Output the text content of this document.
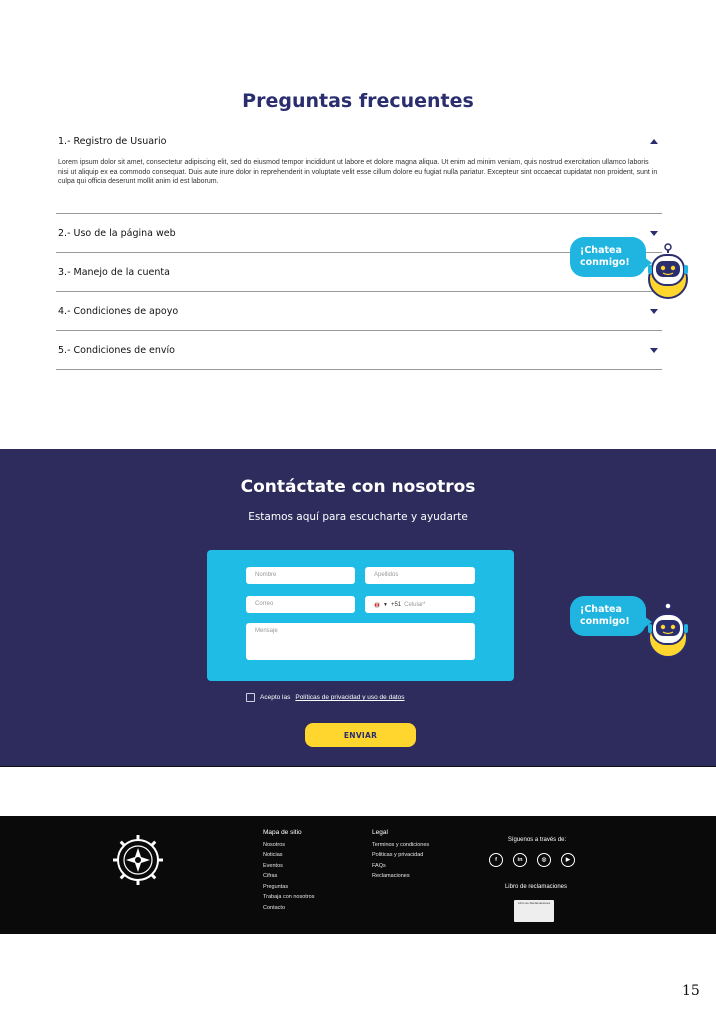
Preguntas frecuentes
1.- Registro de Usuario

Lorem ipsum dolor sit amet, consectetur adipiscing elit, sed do eiusmod tempor incididunt ut labore et dolore magna aliqua. Ut enim ad minim veniam, quis nostrud exercitation ullamco laboris nisi ut aliquip ex ea commodo consequat. Duis aute irure dolor in reprehenderit in voluptate velit esse cillum dolore eu fugiat nulla pariatur. Excepteur sint occaecat cupidatat non proident, sunt in culpa qui officia deserunt mollit anim id est laborum.

2.- Uso de la página web
3.- Manejo de la cuenta
4.- Condiciones de apoyo
5.- Condiciones de envío
¡Chatea
conmigo!
Contáctate con nosotros
Estamos aquí para escucharte y ayudarte
Nombre	Apellidos
Correo	▼ +51 Celular*
Mensaje
Acepto las Políticas de privacidad y uso de datos
ENVIAR
¡Chatea
conmigo!
Mapa de sitio
Nosotros
Noticias
Eventos
Cifras
Preguntas
Trabaja con nosotros
Contacto
Legal
Terminos y condiciones
Politicas y privacidad
FAQs
Reclamaciones
Síguenos a través de:
f	in	◎	▶
Libro de reclamaciones
Libro de Reclamaciones
15
